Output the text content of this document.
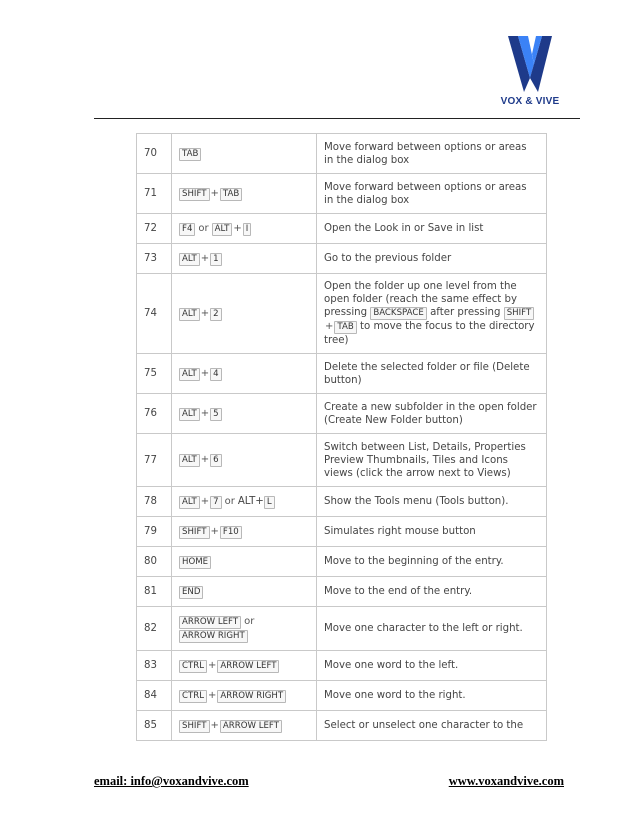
VOX & VIVE
70	TAB	Move forward between options or areas in the dialog box
71	SHIFT + TAB	Move forward between options or areas in the dialog box
72	F4 or ALT + I	Open the Look in or Save in list
73	ALT + 1	Go to the previous folder
74	ALT + 2	Open the folder up one level from the open folder (reach the same effect by pressing BACKSPACE after pressing SHIFT+ TAB to move the focus to the directory tree)
75	ALT + 4	Delete the selected folder or file (Delete button)
76	ALT + 5	Create a new subfolder in the open folder (Create New Folder button)
77	ALT + 6	Switch between List, Details, Properties Preview Thumbnails, Tiles and Icons views (click the arrow next to Views)
78	ALT + 7 or ALT+ L	Show the Tools menu (Tools button).
79	SHIFT + F10	Simulates right mouse button
80	HOME	Move to the beginning of the entry.
81	END	Move to the end of the entry.
82	ARROW LEFT orARROW RIGHT	Move one character to the left or right.
83	CTRL + ARROW LEFT	Move one word to the left.
84	CTRL + ARROW RIGHT	Move one word to the right.
85	SHIFT + ARROW LEFT	Select or unselect one character to the
email: info@voxandvive.com	www.voxandvive.com
